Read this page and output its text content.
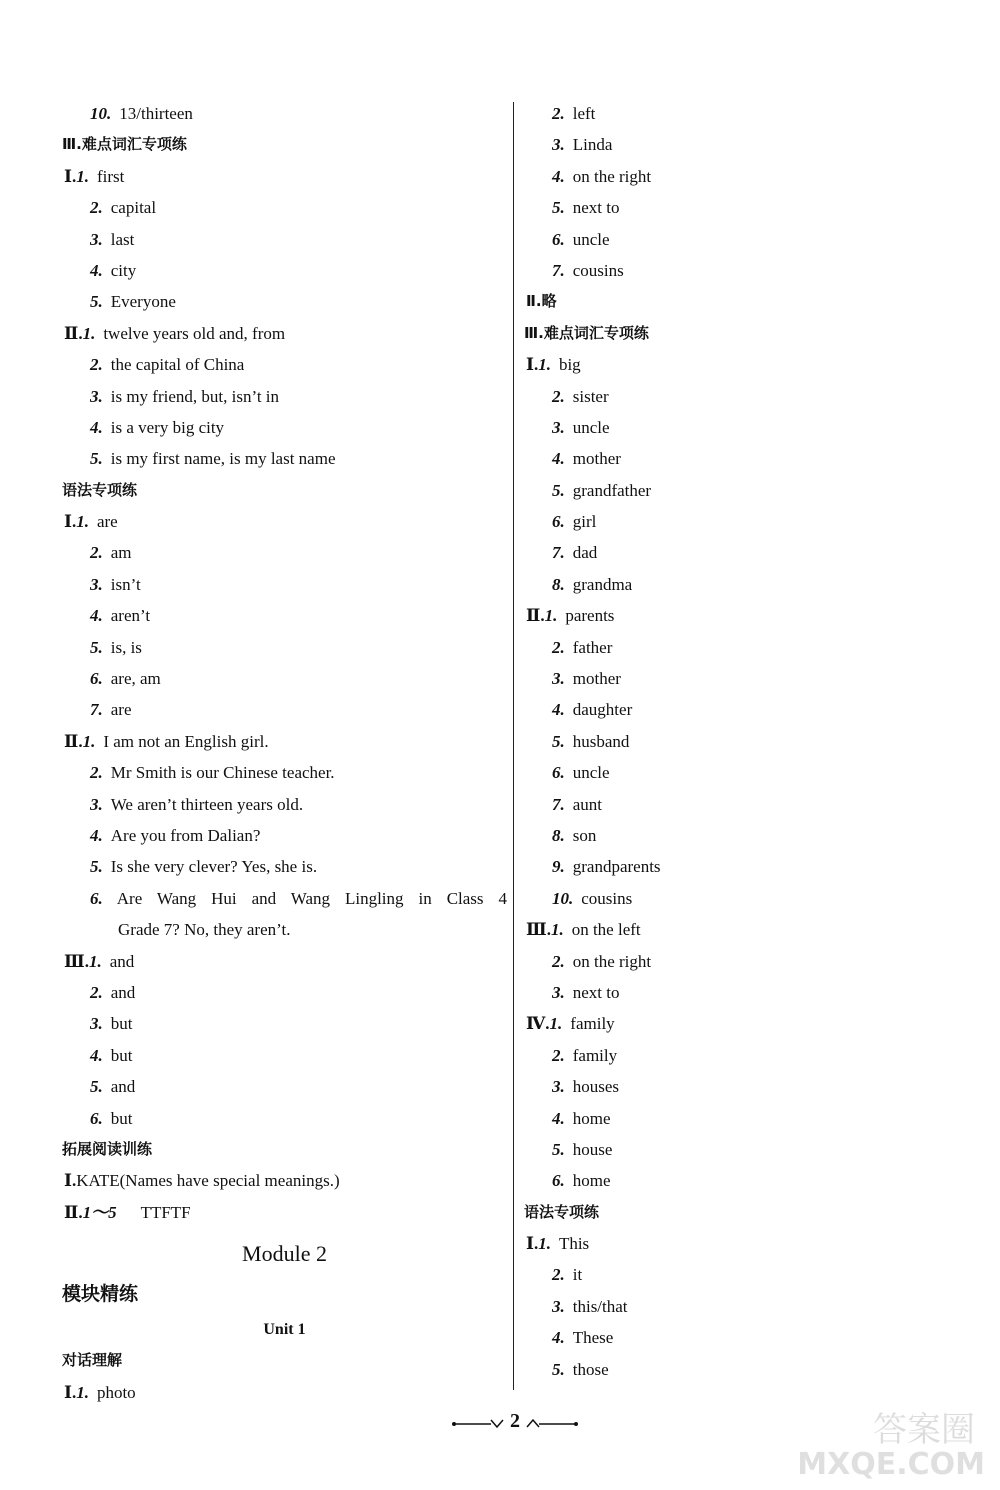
10. 13/thirteen
Ⅲ.难点词汇专项练
Ⅰ.1. first
2. capital
3. last
4. city
5. Everyone
Ⅱ.1. twelve years old and, from
2. the capital of China
3. is my friend, but, isn’t in
4. is a very big city
5. is my first name, is my last name
语法专项练
Ⅰ.1. are
2. am
3. isn’t
4. aren’t
5. is, is
6. are, am
7. are
Ⅱ.1. I am not an English girl.
2. Mr Smith is our Chinese teacher.
3. We aren’t thirteen years old.
4. Are you from Dalian?
5. Is she very clever? Yes, she is.
6. Are Wang Hui and Wang Lingling in Class 4
Grade 7? No, they aren’t.
Ⅲ.1. and
2. and
3. but
4. but
5. and
6. but
拓展阅读训练
Ⅰ.KATE(Names have special meanings.)
Ⅱ.1～5 TTFTF
Module 2
模块精练
Unit 1
对话理解
Ⅰ.1. photo
2. left
3. Linda
4. on the right
5. next to
6. uncle
7. cousins
Ⅱ.略
Ⅲ.难点词汇专项练
Ⅰ.1. big
2. sister
3. uncle
4. mother
5. grandfather
6. girl
7. dad
8. grandma
Ⅱ.1. parents
2. father
3. mother
4. daughter
5. husband
6. uncle
7. aunt
8. son
9. grandparents
10. cousins
Ⅲ.1. on the left
2. on the right
3. next to
Ⅳ.1. family
2. family
3. houses
4. home
5. house
6. home
语法专项练
Ⅰ.1. This
2. it
3. this/that
4. These
5. those
2	答案圈
MXQE.COM
